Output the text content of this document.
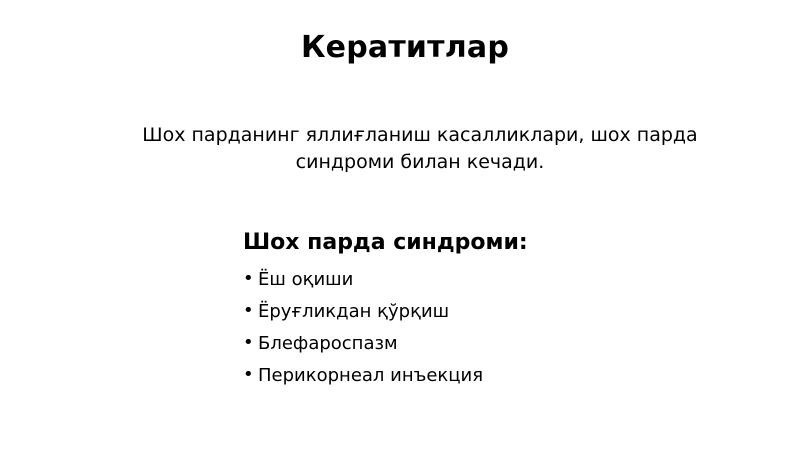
Кератитлар
Шох парданинг яллиғланиш касалликлари, шох парда
синдроми билан кечади.
Шох парда синдроми:
• Ёш оқиши
• Ёруғликдан қўрқиш
• Блефароспазм
• Перикорнеал инъекция
